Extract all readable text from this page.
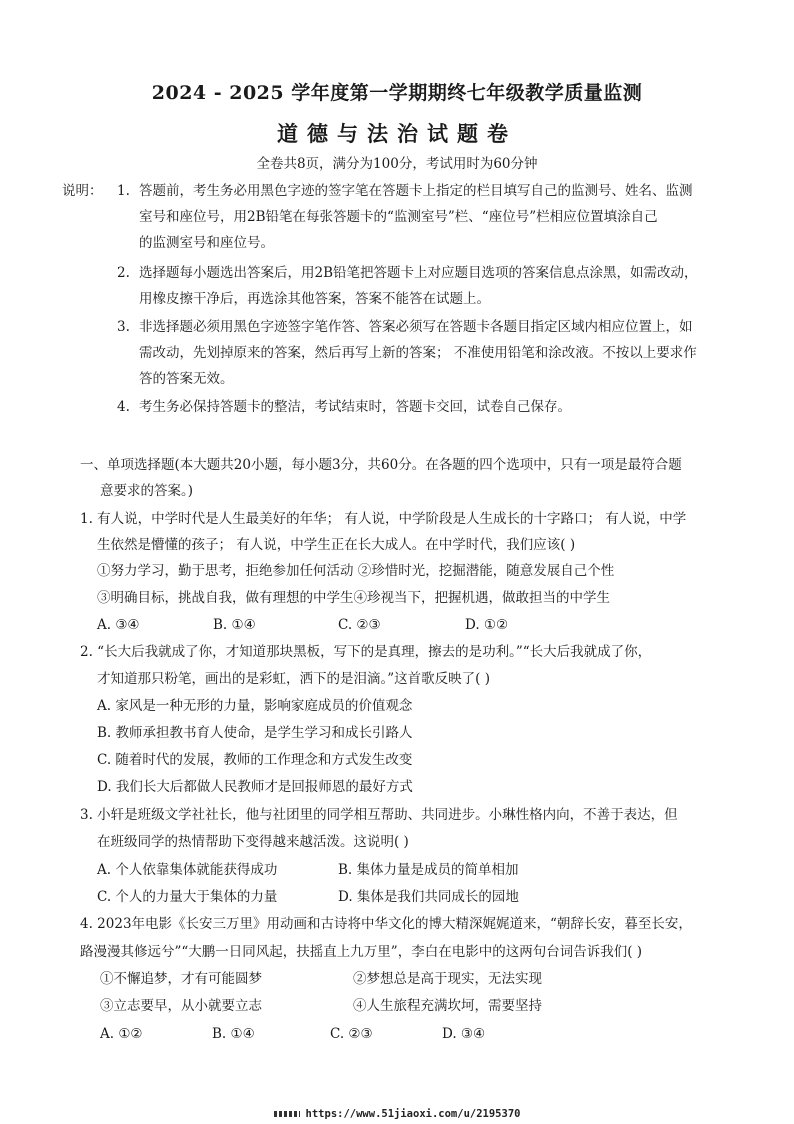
2024 - 2025 学年度第一学期期终七年级教学质量监测
道德与法治试题卷
全卷共8页，满分为100分，考试用时为60分钟
说明： 1. 答题前，考生务必用黑色字迹的签字笔在答题卡上指定的栏目填写自己的监测号、姓名、监测
室号和座位号，用2B铅笔在每张答题卡的“监测室号”栏、“座位号”栏相应位置填涂自己
的监测室号和座位号。
2. 选择题每小题选出答案后，用2B铅笔把答题卡上对应题目选项的答案信息点涂黑，如需改动，
用橡皮擦干净后，再选涂其他答案，答案不能答在试题上。
3. 非选择题必须用黑色字迹签字笔作答、答案必须写在答题卡各题目指定区域内相应位置上，如
需改动，先划掉原来的答案，然后再写上新的答案； 不准使用铅笔和涂改液。不按以上要求作
答的答案无效。
4. 考生务必保持答题卡的整洁，考试结束时，答题卡交回，试卷自己保存。
一、单项选择题(本大题共20小题，每小题3分，共60分。在各题的四个选项中，只有一项是最符合题
意要求的答案。)
1. 有人说，中学时代是人生最美好的年华； 有人说，中学阶段是人生成长的十字路口； 有人说，中学
生依然是懵懂的孩子； 有人说，中学生正在长大成人。在中学时代，我们应该( )
①努力学习，勤于思考，拒绝参加任何活动 ②珍惜时光，挖掘潜能，随意发展自己个性
③明确目标，挑战自我，做有理想的中学生④珍视当下，把握机遇，做敢担当的中学生
A. ③④	B. ①④	C. ②③	D. ①②
2. “长大后我就成了你，才知道那块黑板，写下的是真理，擦去的是功利。”“长大后我就成了你，
才知道那只粉笔，画出的是彩虹，洒下的是泪滴。”这首歌反映了( )
A. 家风是一种无形的力量，影响家庭成员的价值观念
B. 教师承担教书育人使命，是学生学习和成长引路人
C. 随着时代的发展，教师的工作理念和方式发生改变
D. 我们长大后都做人民教师才是回报师恩的最好方式
3. 小轩是班级文学社社长，他与社团里的同学相互帮助、共同进步。小琳性格内向，不善于表达，但
在班级同学的热情帮助下变得越来越活泼。这说明( )
A. 个人依靠集体就能获得成功	B. 集体力量是成员的简单相加
C. 个人的力量大于集体的力量	D. 集体是我们共同成长的园地
4. 2023年电影《长安三万里》用动画和古诗将中华文化的博大精深娓娓道来，“朝辞长安，暮至长安，
路漫漫其修远兮”“大鹏一日同风起，扶摇直上九万里”，李白在电影中的这两句台词告诉我们( )
①不懈追梦，才有可能圆梦	②梦想总是高于现实，无法实现
③立志要早，从小就要立志	④人生旅程充满坎坷，需要坚持
A. ①②	B. ①④	C. ②③	D. ③④
https://www.51jiaoxi.com/u/2195370
